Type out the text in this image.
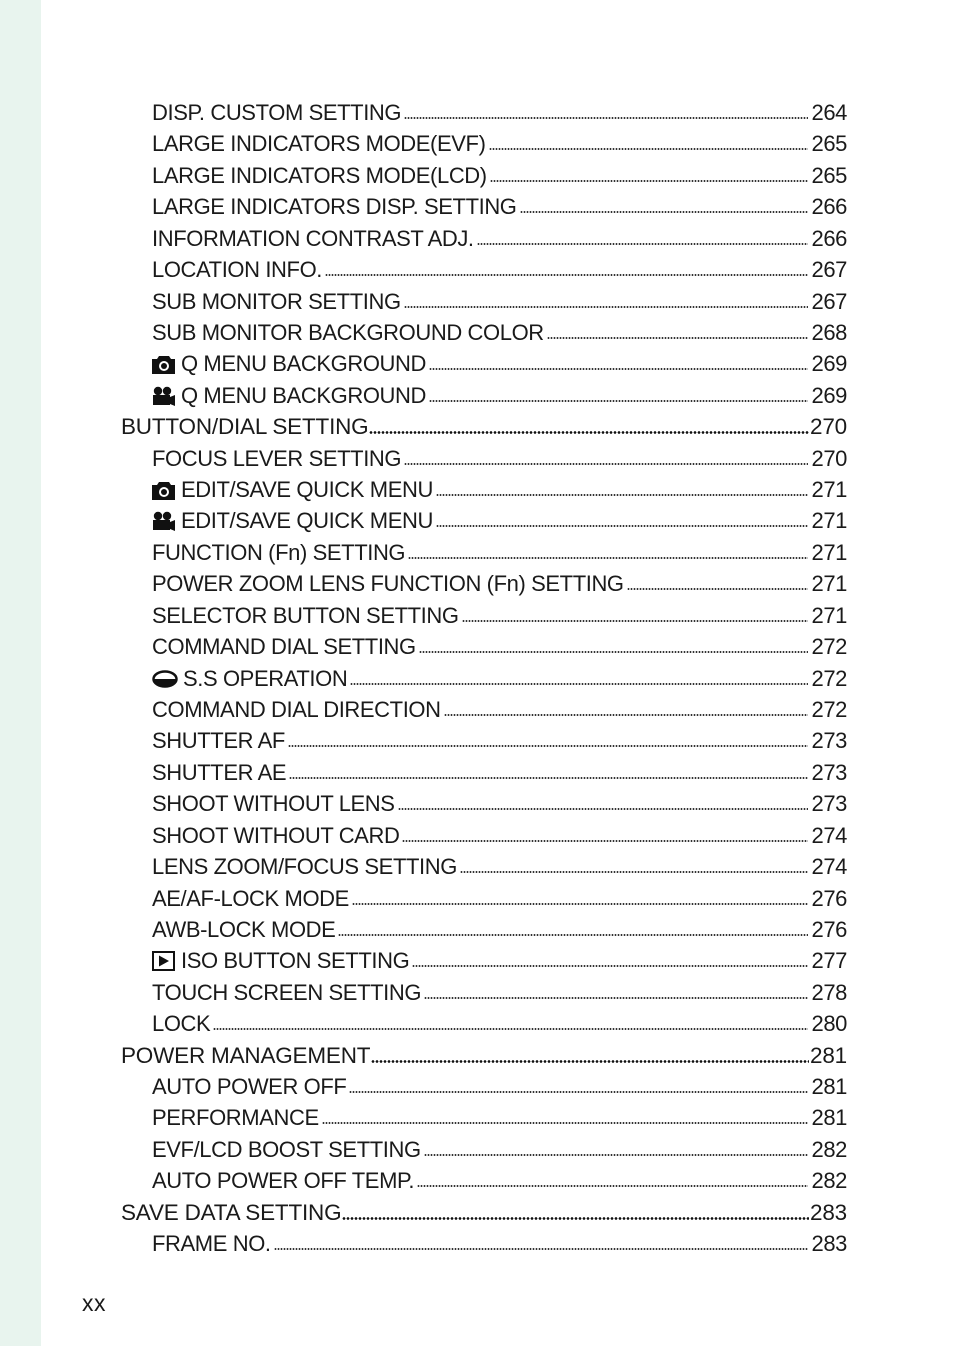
DISP. CUSTOM SETTING	264
LARGE INDICATORS MODE(EVF)	265
LARGE INDICATORS MODE(LCD)	265
LARGE INDICATORS DISP. SETTING	266
INFORMATION CONTRAST ADJ.	266
LOCATION INFO.	267
SUB MONITOR SETTING	267
SUB MONITOR BACKGROUND COLOR	268
Q MENU BACKGROUND	269
Q MENU BACKGROUND	269
BUTTON/DIAL SETTING	270
FOCUS LEVER SETTING	270
EDIT/SAVE QUICK MENU	271
EDIT/SAVE QUICK MENU	271
FUNCTION (Fn) SETTING	271
POWER ZOOM LENS FUNCTION (Fn) SETTING	271
SELECTOR BUTTON SETTING	271
COMMAND DIAL SETTING	272
S.S OPERATION	272
COMMAND DIAL DIRECTION	272
SHUTTER AF	273
SHUTTER AE	273
SHOOT WITHOUT LENS	273
SHOOT WITHOUT CARD	274
LENS ZOOM/FOCUS SETTING	274
AE/AF-LOCK MODE	276
AWB-LOCK MODE	276
ISO BUTTON SETTING	277
TOUCH SCREEN SETTING	278
LOCK	280
POWER MANAGEMENT	281
AUTO POWER OFF	281
PERFORMANCE	281
EVF/LCD BOOST SETTING	282
AUTO POWER OFF TEMP.	282
SAVE DATA SETTING	283
FRAME NO.	283
xx
